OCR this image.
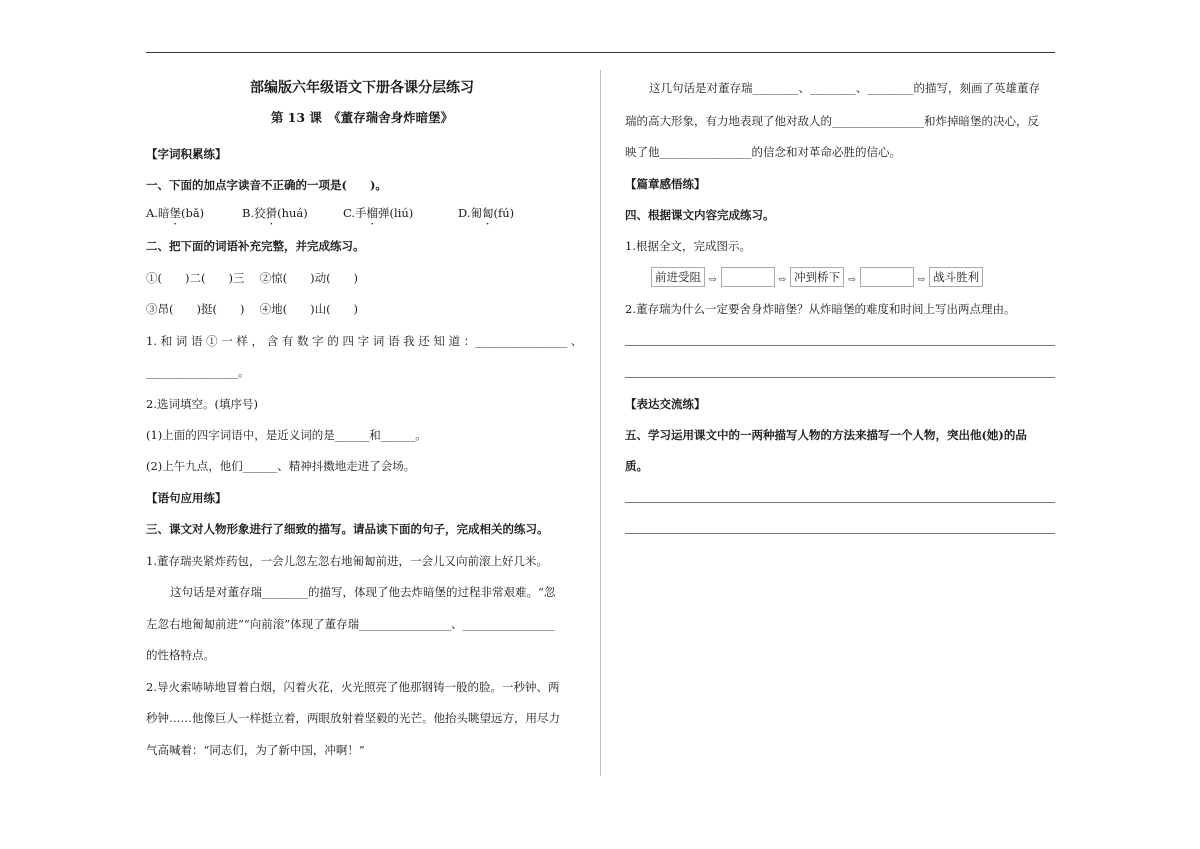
部编版六年级语文下册各课分层练习
第 13 课　《董存瑞舍身炸暗堡》
【字词积累练】
一、下面的加点字读音不正确的一项是(　　)。
A.暗堡(bǎ)	B.狡猾(huá)	C.手榴弹(liú)	D.匍匐(fú)
二、把下面的词语补充完整，并完成练习。
①(　　)二(　　)三　 ②惊(　　)动(　　)
③昂(　　)挺(　　)　 ④地(　　)山(　　)
1. 和 词 语 ① 一 样 ， 含 有 数 字 的 四 字 词 语 我 还 知 道 ：________________ 、
________________。
2.选词填空。(填序号)
(1)上面的四字词语中，是近义词的是______和______。
(2)上午九点，他们______、精神抖擞地走进了会场。
【语句应用练】
三、课文对人物形象进行了细致的描写。请品读下面的句子，完成相关的练习。
1.董存瑞夹紧炸药包，一会儿忽左忽右地匍匐前进，一会儿又向前滚上好几米。
这句话是对董存瑞________的描写，体现了他去炸暗堡的过程非常艰难。“忽
左忽右地匍匐前进”“向前滚”体现了董存瑞________________、________________
的性格特点。
2.导火索哧哧地冒着白烟，闪着火花，火光照亮了他那钢铸一般的脸。一秒钟、两
秒钟……他像巨人一样挺立着，两眼放射着坚毅的光芒。他抬头眺望远方，用尽力
气高喊着：“同志们，为了新中国，冲啊！”
这几句话是对董存瑞________、________、________的描写，刻画了英雄董存
瑞的高大形象，有力地表现了他对敌人的________________和炸掉暗堡的决心，反
映了他________________的信念和对革命必胜的信心。
【篇章感悟练】
四、根据课文内容完成练习。
1.根据全文，完成图示。
前进受阻 ⇨	⇨ 冲到桥下 ⇨	⇨ 战斗胜利
2.董存瑞为什么一定要舍身炸暗堡？从炸暗堡的难度和时间上写出两点理由。
【表达交流练】
五、学习运用课文中的一两种描写人物的方法来描写一个人物，突出他(她)的品
质。
